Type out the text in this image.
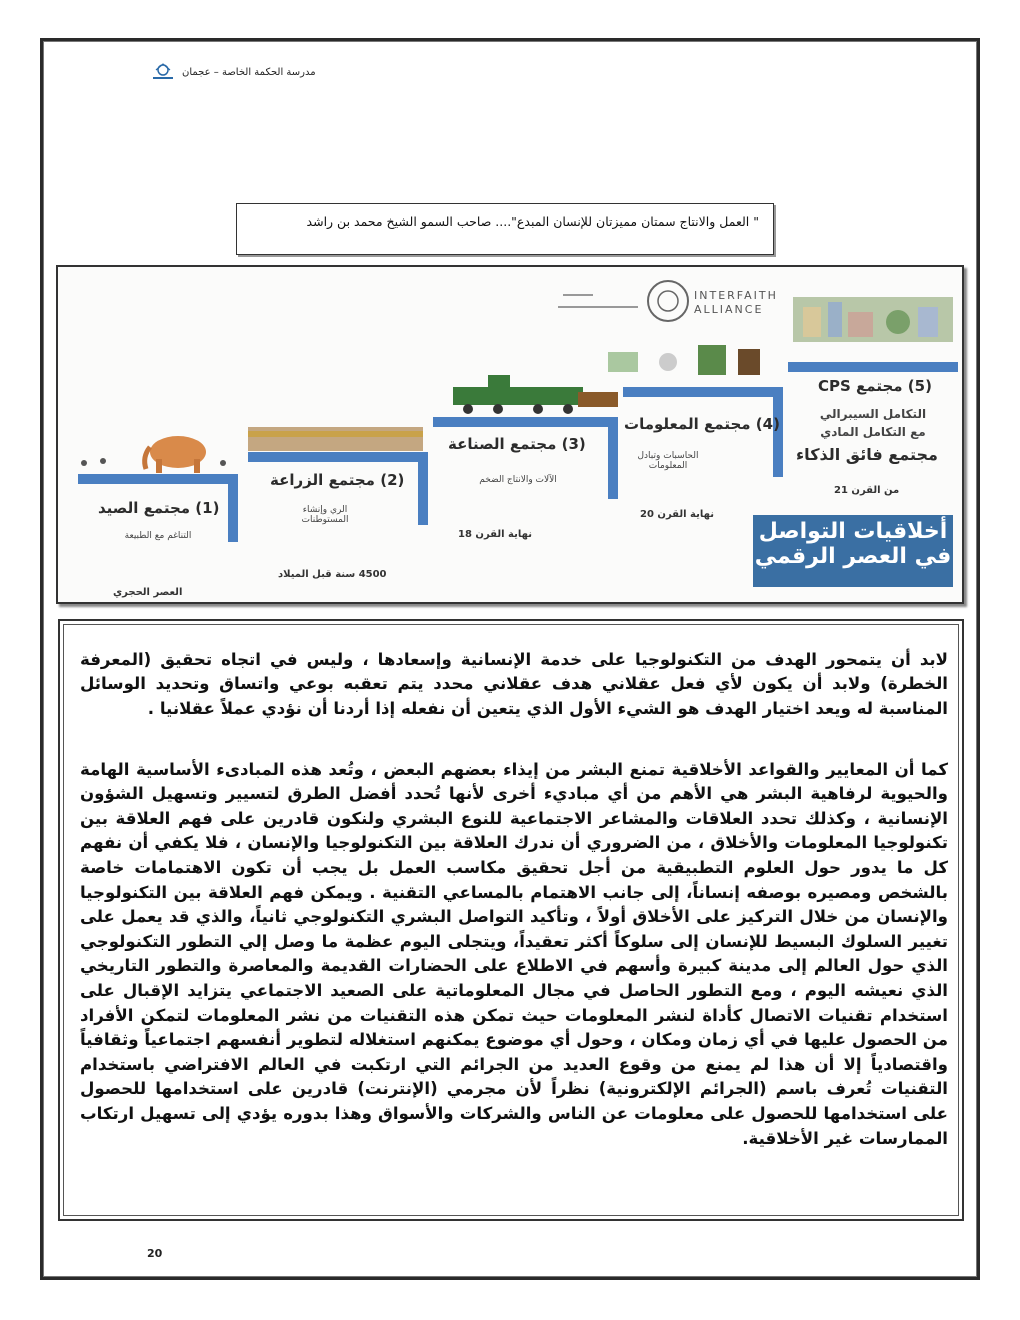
مدرسة الحكمة الخاصة – عجمان
" العمل والانتاج سمتان مميزتان للإنسان المبدع".... صاحب السمو الشيخ محمد بن راشد
INTERFAITH
ALLIANCE
(1) مجتمع الصيد
التناغم مع الطبيعة
العصر الحجري
(2) مجتمع الزراعة
الري وإنشاء المستوطنات
4500 سنة قبل الميلاد
(3) مجتمع الصناعة
الآلات والانتاج الضخم
نهاية القرن 18
(4) مجتمع المعلومات
الحاسبات وتبادل المعلومات
نهاية القرن 20
(5) مجتمع CPS
التكامل السيبرالي
مع التكامل المادي
مجتمع فائق الذكاء
من القرن 21
أخلاقيات التواصل
في العصر الرقمي

لابد أن يتمحور الهدف من التكنولوجيا على خدمة الإنسانية وإسعادها ، وليس في اتجاه تحقيق (المعرفة الخطرة) ولابد أن يكون لأي فعل عقلاني هدف عقلاني محدد يتم تعقبه بوعي واتساق وتحديد الوسائل المناسبة له ويعد اختيار الهدف هو الشيء الأول الذي يتعين أن نفعله إذا أردنا أن نؤدي عملاً عقلانيا .

كما أن المعايير والقواعد الأخلاقية تمنع البشر من إيذاء بعضهم البعض ، وتُعد هذه المبادىء الأساسية الهامة والحيوية لرفاهية البشر هي الأهم من أي مباديء أخرى لأنها تُحدد أفضل الطرق لتسيير وتسهيل الشؤون الإنسانية ، وكذلك تحدد العلاقات والمشاعر الاجتماعية للنوع البشري ولنكون قادرين على فهم العلاقة بين تكنولوجيا المعلومات والأخلاق ، من الضروري أن ندرك العلاقة بين التكنولوجيا والإنسان ، فلا يكفي أن نفهم كل ما يدور حول العلوم التطبيقية من أجل تحقيق مكاسب العمل بل يجب أن تكون الاهتمامات خاصة بالشخص ومصيره بوصفه إنساناً، إلى جانب الاهتمام بالمساعي التقنية . ويمكن فهم العلاقة بين التكنولوجيا والإنسان من خلال التركيز على الأخلاق أولاً ، وتأكيد التواصل البشري التكنولوجي ثانياً، والذي قد يعمل على تغيير السلوك البسيط للإنسان إلى سلوكاً أكثر تعقيداً، ويتجلى اليوم عظمة ما وصل إلي التطور التكنولوجي الذي حول العالم إلى مدينة كبيرة وأسهم في الاطلاع على الحضارات القديمة والمعاصرة والتطور التاريخي الذي نعيشه اليوم ، ومع التطور الحاصل في مجال المعلوماتية على الصعيد الاجتماعي يتزايد الإقبال على استخدام تقنيات الاتصال كأداة لنشر المعلومات حيث تمكن هذه التقنيات من نشر المعلومات لتمكن الأفراد من الحصول عليها في أي زمان ومكان ، وحول أي موضوع يمكنهم استغلاله لتطوير أنفسهم اجتماعياً وثقافياً واقتصادياً إلا أن هذا لم يمنع من وقوع العديد من الجرائم التي ارتكبت في العالم الافتراضي باستخدام التقنيات تُعرف باسم (الجرائم الإلكترونية) نظراً لأن مجرمي (الإنترنت) قادرين على استخدامها للحصول على استخدامها للحصول على معلومات عن الناس والشركات والأسواق وهذا بدوره يؤدي إلى تسهيل ارتكاب الممارسات غير الأخلاقية.

20
